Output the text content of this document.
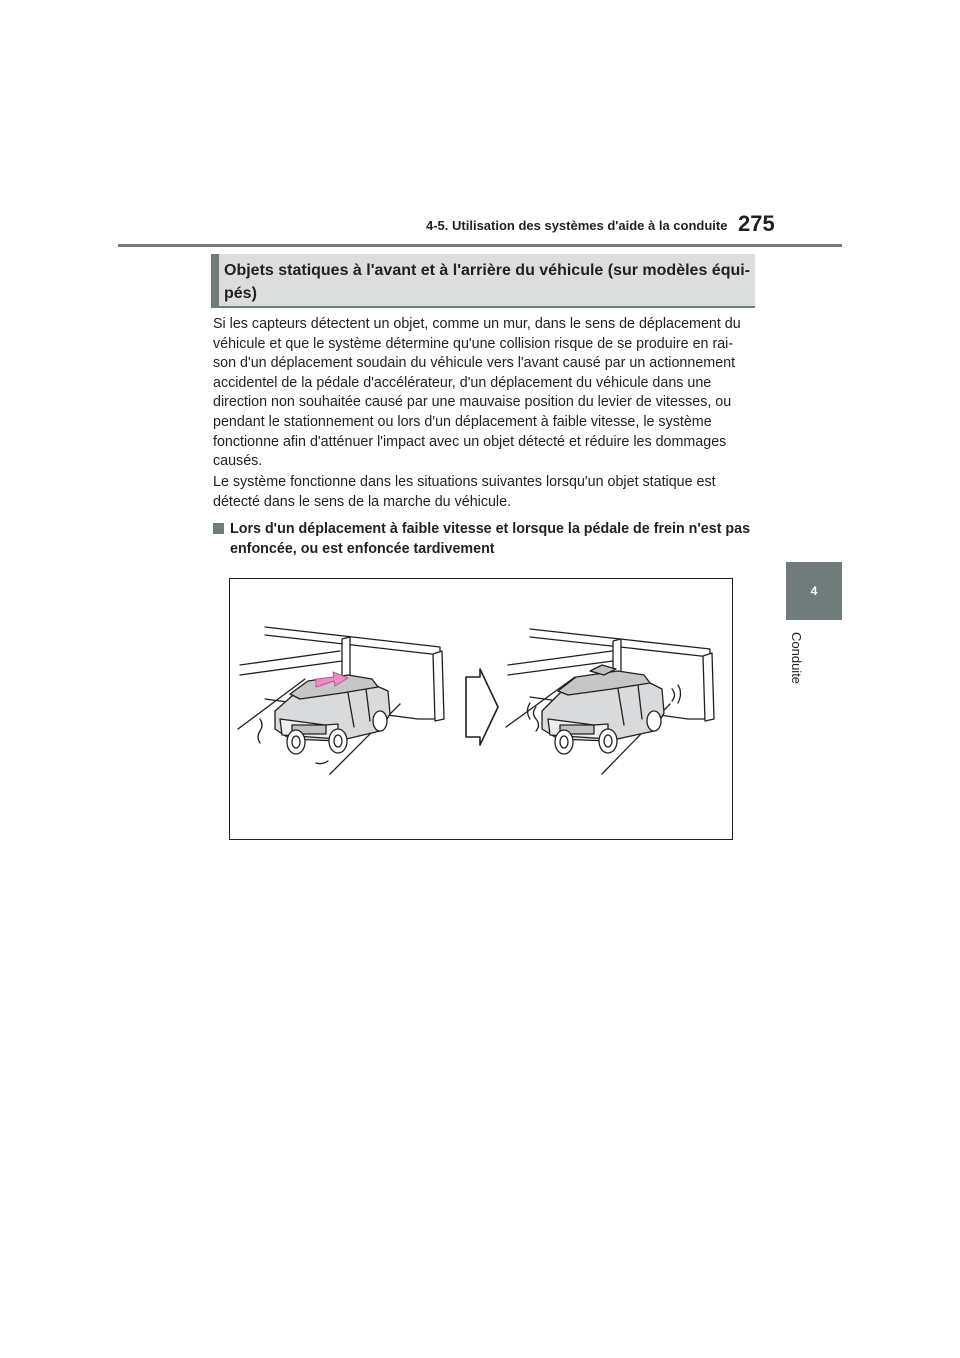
4-5. Utilisation des systèmes d'aide à la conduite 275
4
Conduite
Objets statiques à l'avant et à l'arrière du véhicule (sur modèles équi-pés)

Si les capteurs détectent un objet, comme un mur, dans le sens de déplacement du véhicule et que le système détermine qu'une collision risque de se produire en rai-son d'un déplacement soudain du véhicule vers l'avant causé par un actionnement accidentel de la pédale d'accélérateur, d'un déplacement du véhicule dans une direction non souhaitée causé par une mauvaise position du levier de vitesses, ou pendant le stationnement ou lors d'un déplacement à faible vitesse, le système fonctionne afin d'atténuer l'impact avec un objet détecté et réduire les dommages causés.

Le système fonctionne dans les situations suivantes lorsqu'un objet statique est détecté dans le sens de la marche du véhicule.

Lors d'un déplacement à faible vitesse et lorsque la pédale de frein n'est pas enfoncée, ou est enfoncée tardivement
